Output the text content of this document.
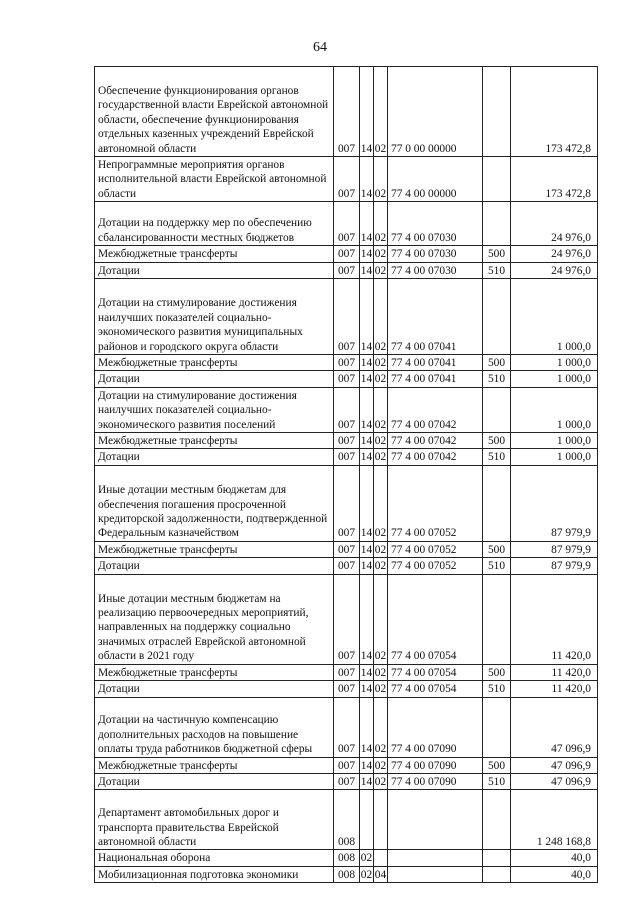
64
Обеспечение функционирования органов государственной власти Еврейской автономной области, обеспечение функционирования отдельных казенных учреждений Еврейской автономной области	007	14	02	77 0 00 00000		173 472,8
Непрограммные мероприятия органов исполнительной власти Еврейской автономной области	007	14	02	77 4 00 00000		173 472,8
Дотации на поддержку мер по обеспечению сбалансированности местных бюджетов	007	14	02	77 4 00 07030		24 976,0
Межбюджетные трансферты	007	14	02	77 4 00 07030	500	24 976,0
Дотации	007	14	02	77 4 00 07030	510	24 976,0
Дотации на стимулирование достижения наилучших показателей социально-экономического развития муниципальных районов и городского округа области	007	14	02	77 4 00 07041		1 000,0
Межбюджетные трансферты	007	14	02	77 4 00 07041	500	1 000,0
Дотации	007	14	02	77 4 00 07041	510	1 000,0
Дотации на стимулирование достижения наилучших показателей социально-экономического развития поселений	007	14	02	77 4 00 07042		1 000,0
Межбюджетные трансферты	007	14	02	77 4 00 07042	500	1 000,0
Дотации	007	14	02	77 4 00 07042	510	1 000,0
Иные дотации местным бюджетам для обеспечения погашения просроченной кредиторской задолженности, подтвержденной Федеральным казначейством	007	14	02	77 4 00 07052		87 979,9
Межбюджетные трансферты	007	14	02	77 4 00 07052	500	87 979,9
Дотации	007	14	02	77 4 00 07052	510	87 979,9
Иные дотации местным бюджетам на реализацию первоочередных мероприятий, направленных на поддержку социально значимых отраслей Еврейской автономной области в 2021 году	007	14	02	77 4 00 07054		11 420,0
Межбюджетные трансферты	007	14	02	77 4 00 07054	500	11 420,0
Дотации	007	14	02	77 4 00 07054	510	11 420,0
Дотации на частичную компенсацию дополнительных расходов на повышение оплаты труда работников бюджетной сферы	007	14	02	77 4 00 07090		47 096,9
Межбюджетные трансферты	007	14	02	77 4 00 07090	500	47 096,9
Дотации	007	14	02	77 4 00 07090	510	47 096,9
Департамент автомобильных дорог и транспорта правительства Еврейской автономной области	008					1 248 168,8
Национальная оборона	008	02				40,0
Мобилизационная подготовка экономики	008	02	04			40,0
